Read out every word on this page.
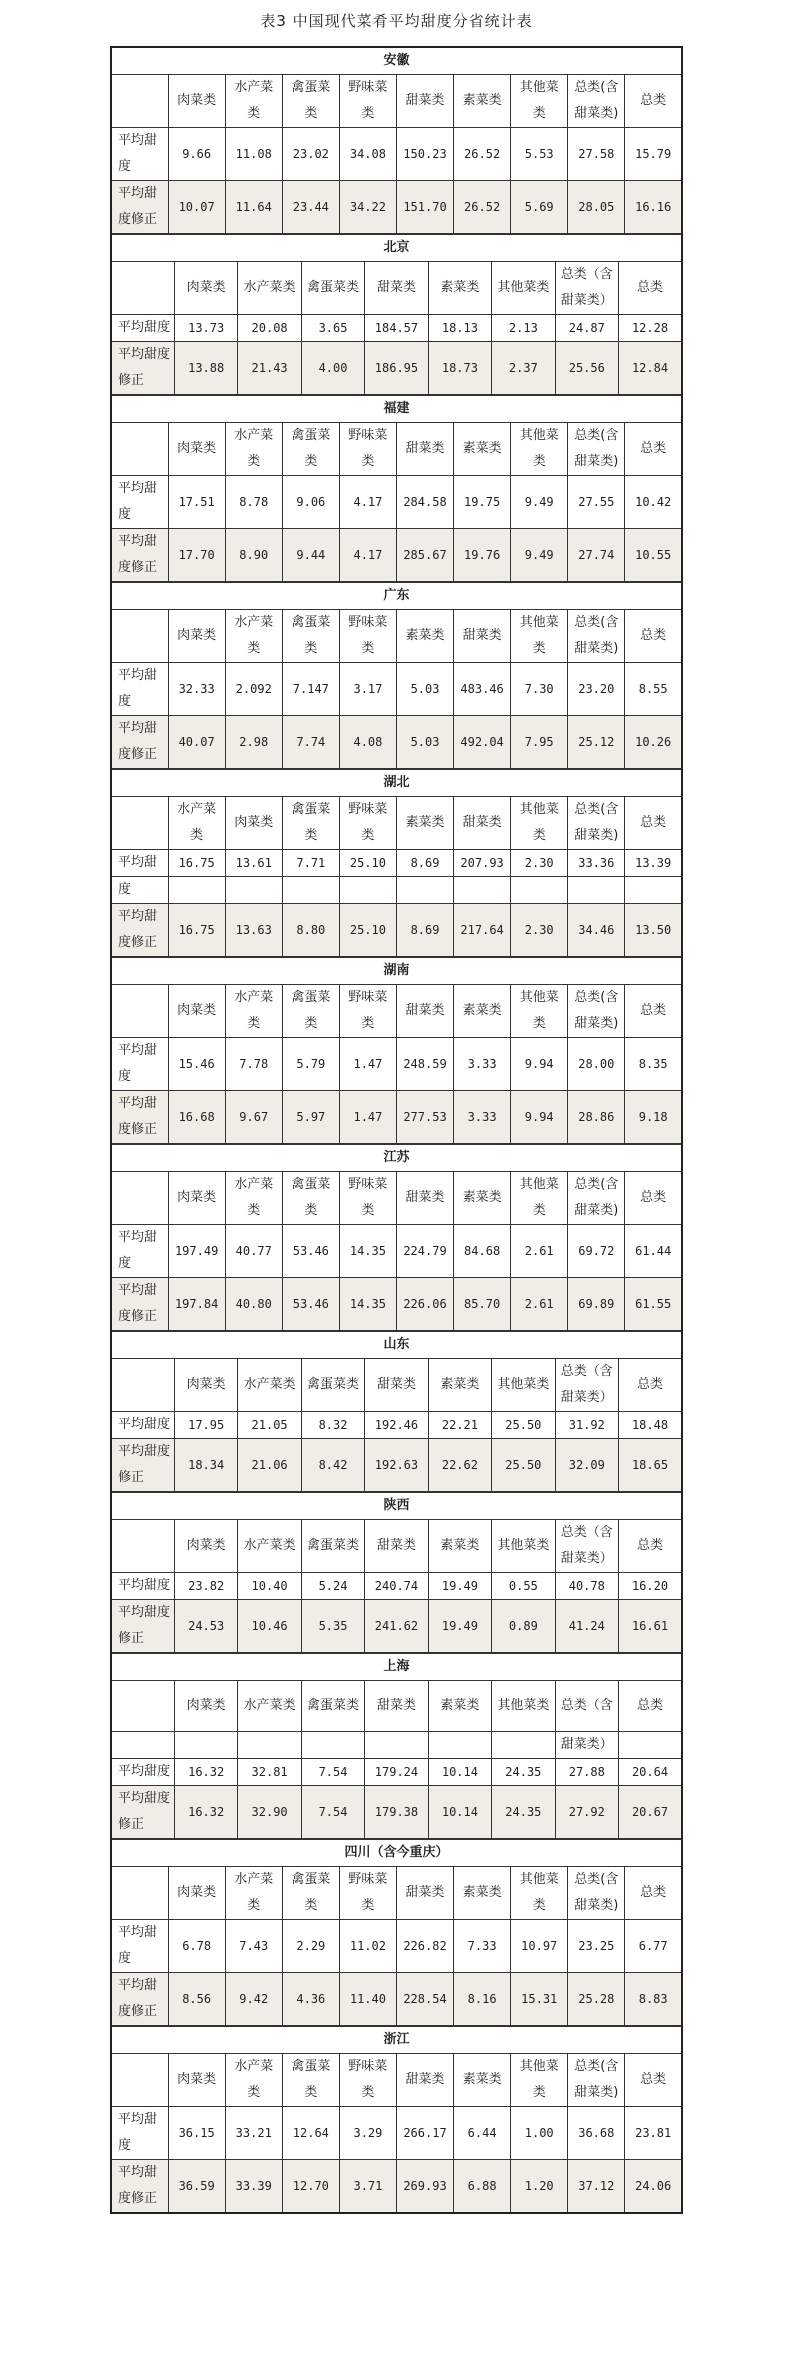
表3 中国现代菜肴平均甜度分省统计表
安徽									
	肉菜类	水产菜类	禽蛋菜类	野味菜类	甜菜类	素菜类	其他菜类	总类(含甜菜类)	总类
平均甜度	9.66	11.08	23.02	34.08	150.23	26.52	5.53	27.58	15.79
平均甜度修正	10.07	11.64	23.44	34.22	151.70	26.52	5.69	28.05	16.16
北京								
	肉菜类	水产菜类	禽蛋菜类	甜菜类	素菜类	其他菜类	总类（含甜菜类）	总类
平均甜度	13.73	20.08	3.65	184.57	18.13	2.13	24.87	12.28
平均甜度修正	13.88	21.43	4.00	186.95	18.73	2.37	25.56	12.84
福建									
	肉菜类	水产菜类	禽蛋菜类	野味菜类	甜菜类	素菜类	其他菜类	总类(含甜菜类)	总类
平均甜度	17.51	8.78	9.06	4.17	284.58	19.75	9.49	27.55	10.42
平均甜度修正	17.70	8.90	9.44	4.17	285.67	19.76	9.49	27.74	10.55
广东									
	肉菜类	水产菜类	禽蛋菜类	野味菜类	素菜类	甜菜类	其他菜类	总类(含甜菜类)	总类
平均甜度	32.33	2.092	7.147	3.17	5.03	483.46	7.30	23.20	8.55
平均甜度修正	40.07	2.98	7.74	4.08	5.03	492.04	7.95	25.12	10.26
湖北									
	水产菜类	肉菜类	禽蛋菜类	野味菜类	素菜类	甜菜类	其他菜类	总类(含甜菜类)	总类
平均甜	16.75	13.61	7.71	25.10	8.69	207.93	2.30	33.36	13.39
度									
平均甜度修正	16.75	13.63	8.80	25.10	8.69	217.64	2.30	34.46	13.50
湖南									
	肉菜类	水产菜类	禽蛋菜类	野味菜类	甜菜类	素菜类	其他菜类	总类(含甜菜类)	总类
平均甜度	15.46	7.78	5.79	1.47	248.59	3.33	9.94	28.00	8.35
平均甜度修正	16.68	9.67	5.97	1.47	277.53	3.33	9.94	28.86	9.18
江苏									
	肉菜类	水产菜类	禽蛋菜类	野味菜类	甜菜类	素菜类	其他菜类	总类(含甜菜类)	总类
平均甜度	197.49	40.77	53.46	14.35	224.79	84.68	2.61	69.72	61.44
平均甜度修正	197.84	40.80	53.46	14.35	226.06	85.70	2.61	69.89	61.55
山东								
	肉菜类	水产菜类	禽蛋菜类	甜菜类	素菜类	其他菜类	总类（含甜菜类）	总类
平均甜度	17.95	21.05	8.32	192.46	22.21	25.50	31.92	18.48
平均甜度修正	18.34	21.06	8.42	192.63	22.62	25.50	32.09	18.65
陕西								
	肉菜类	水产菜类	禽蛋菜类	甜菜类	素菜类	其他菜类	总类（含甜菜类）	总类
平均甜度	23.82	10.40	5.24	240.74	19.49	0.55	40.78	16.20
平均甜度修正	24.53	10.46	5.35	241.62	19.49	0.89	41.24	16.61
上海								
	肉菜类	水产菜类	禽蛋菜类	甜菜类	素菜类	其他菜类	总类（含	总类
							甜菜类）	
平均甜度	16.32	32.81	7.54	179.24	10.14	24.35	27.88	20.64
平均甜度修正	16.32	32.90	7.54	179.38	10.14	24.35	27.92	20.67
四川（含今重庆）									
	肉菜类	水产菜类	禽蛋菜类	野味菜类	甜菜类	素菜类	其他菜类	总类(含甜菜类)	总类
平均甜度	6.78	7.43	2.29	11.02	226.82	7.33	10.97	23.25	6.77
平均甜度修正	8.56	9.42	4.36	11.40	228.54	8.16	15.31	25.28	8.83
浙江									
	肉菜类	水产菜类	禽蛋菜类	野味菜类	甜菜类	素菜类	其他菜类	总类(含甜菜类)	总类
平均甜度	36.15	33.21	12.64	3.29	266.17	6.44	1.00	36.68	23.81
平均甜度修正	36.59	33.39	12.70	3.71	269.93	6.88	1.20	37.12	24.06
